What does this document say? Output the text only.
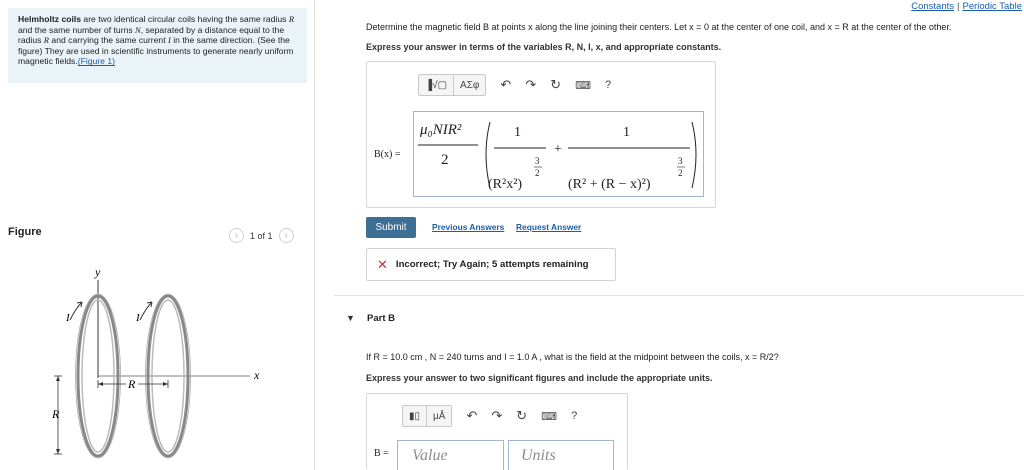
Helmholtz coils are two identical circular coils having the same radius R and the same number of turns N, separated by a distance equal to the radius R and carrying the same current I in the same direction. (See the figure) They are used in scientific instruments to generate nearly uniform magnetic fields.(Figure 1)
Figure	‹	1 of 1	›
y
x
I	I
R
R
Constants | Periodic Table
Determine the magnetic field B at points x along the line joining their centers. Let x = 0 at the center of one coil, and x = R at the center of the other.
Express your answer in terms of the variables R, N, I, x, and appropriate constants.
▐√▢	ΑΣφ	↶ ↷ ↻ ⌨ ?
B(x) =
μ₀NIR²
2
1
(R²x²)
3
2
+
1
(R² + (R − x)²)
3
2
Submit	Previous Answers Request Answer
✕ Incorrect; Try Again; 5 attempts remaining
▼ Part B
If R = 10.0 cm , N = 240 turns and I = 1.0 A , what is the field at the midpoint between the coils, x = R/2?
Express your answer to two significant figures and include the appropriate units.
▮▯	μÅ	↶ ↷ ↻ ⌨ ?
B =	Value	Units
